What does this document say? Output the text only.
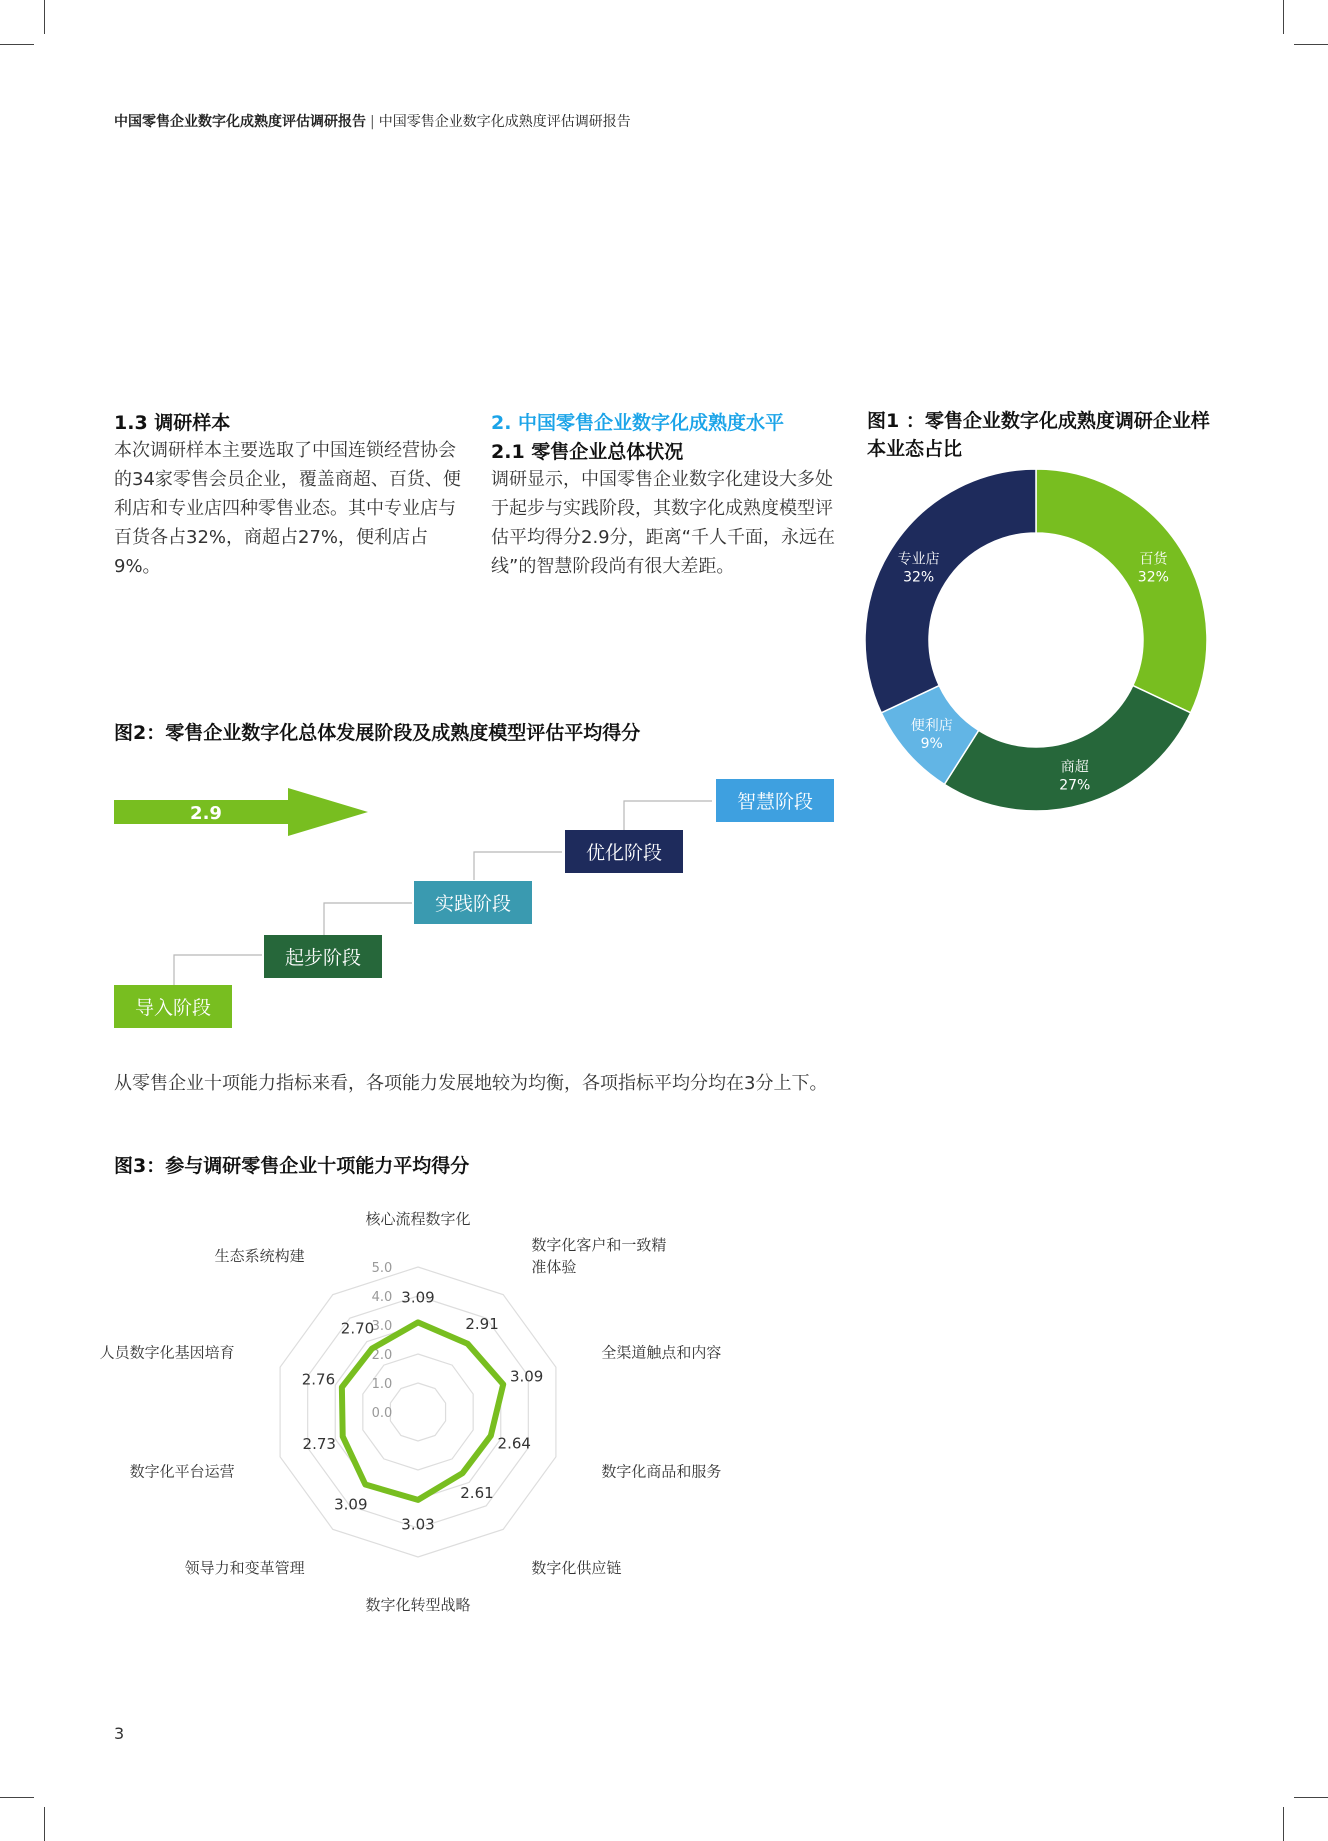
中国零售企业数字化成熟度评估调研报告 | 中国零售企业数字化成熟度评估调研报告
1.3 调研样本
本次调研样本主要选取了中国连锁经营协会的34家零售会员企业，覆盖商超、百货、便利店和专业店四种零售业态。其中专业店与百货各占32%，商超占27%，便利店占9%。
2. 中国零售企业数字化成熟度水平
2.1 零售企业总体状况
调研显示，中国零售企业数字化建设大多处于起步与实践阶段，其数字化成熟度模型评估平均得分2.9分，距离“千人千面，永远在线”的智慧阶段尚有很大差距。
图1 ：零售企业数字化成熟度调研企业样本业态占比
百货
32%
商超
27%
便利店
9%
专业店
32%
图2：零售企业数字化总体发展阶段及成熟度模型评估平均得分
2.9
导入阶段
起步阶段
实践阶段
优化阶段
智慧阶段
从零售企业十项能力指标来看，各项能力发展地较为均衡，各项指标平均分均在3分上下。
图3：参与调研零售企业十项能力平均得分
0.0
1.0
2.0
3.0
4.0
5.0
3.09
2.91
3.09
2.64
2.61
3.03
3.09
2.73
2.76
2.70
核心流程数字化
数字化客户和一致精
准体验
全渠道触点和内容
数字化商品和服务
数字化供应链
数字化转型战略
领导力和变革管理
数字化平台运营
人员数字化基因培育
生态系统构建
3
